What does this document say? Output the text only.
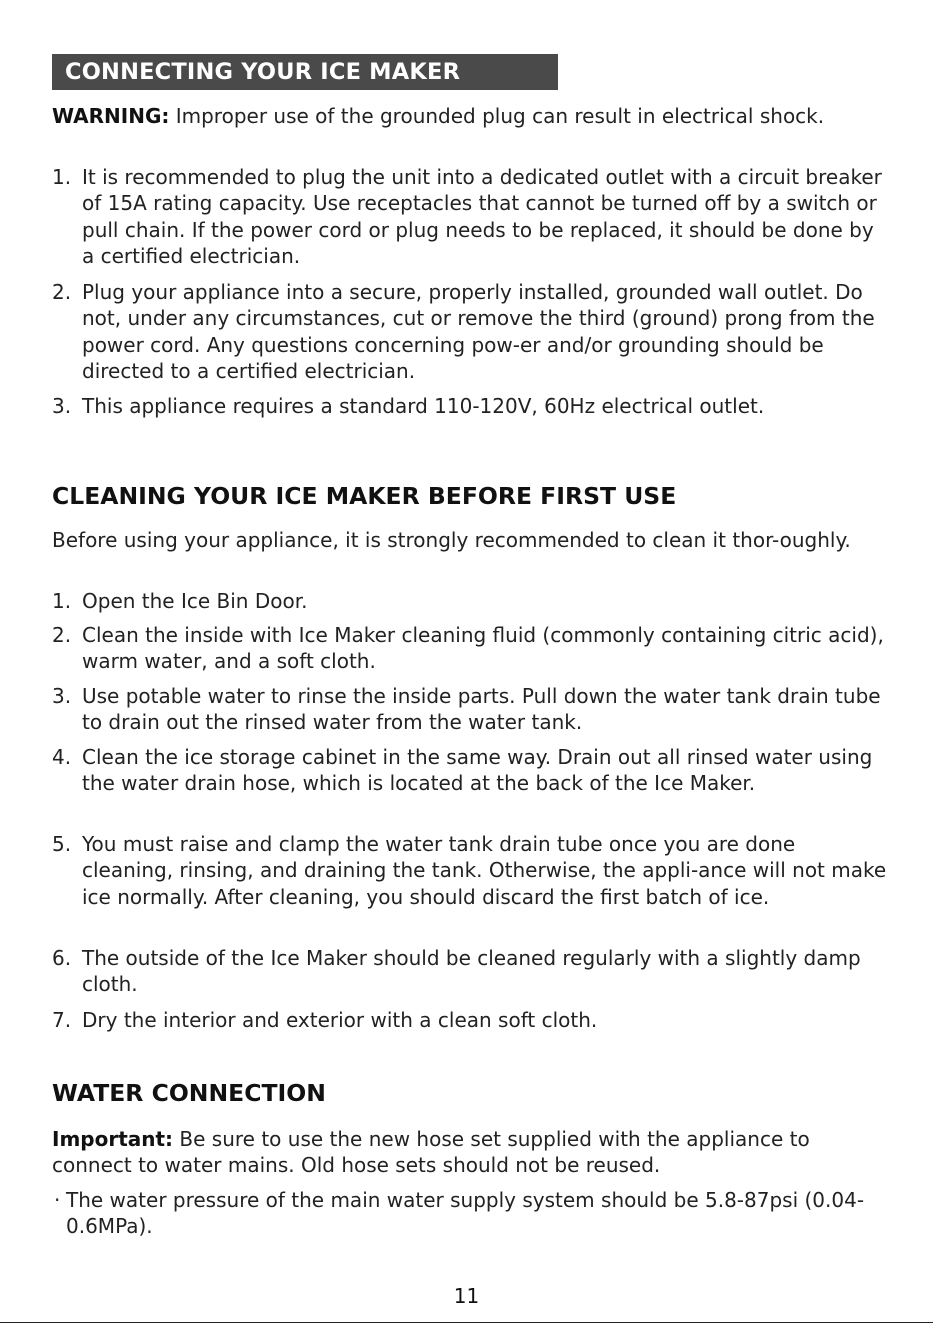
CONNECTING YOUR ICE MAKER

WARNING: Improper use of the grounded plug can result in electrical shock.

1. It is recommended to plug the unit into a dedicated outlet with a circuit breaker of 15A rating capacity. Use receptacles that cannot be turned off by a switch or pull chain. If the power cord or plug needs to be replaced, it should be done by a certified electrician.
2. Plug your appliance into a secure, properly installed, grounded wall outlet. Do not, under any circumstances, cut or remove the third (ground) prong from the power cord. Any questions concerning pow-er and/or grounding should be directed to a certified electrician.
3. This appliance requires a standard 110-120V, 60Hz electrical outlet.
CLEANING YOUR ICE MAKER BEFORE FIRST USE

Before using your appliance, it is strongly recommended to clean it thor-oughly.

1. Open the Ice Bin Door.
2. Clean the inside with Ice Maker cleaning fluid (commonly containing citric acid), warm water, and a soft cloth.
3. Use potable water to rinse the inside parts. Pull down the water tank drain tube to drain out the rinsed water from the water tank.
4. Clean the ice storage cabinet in the same way. Drain out all rinsed water using the water drain hose, which is located at the back of the Ice Maker.
5. You must raise and clamp the water tank drain tube once you are done cleaning, rinsing, and draining the tank. Otherwise, the appli-ance will not make ice normally. After cleaning, you should discard the first batch of ice.
6. The outside of the Ice Maker should be cleaned regularly with a slightly damp cloth.
7. Dry the interior and exterior with a clean soft cloth.
WATER CONNECTION

Important: Be sure to use the new hose set supplied with the appliance to connect to water mains. Old hose sets should not be reused.

· The water pressure of the main water supply system should be 5.8-87psi (0.04-0.6MPa).
11
